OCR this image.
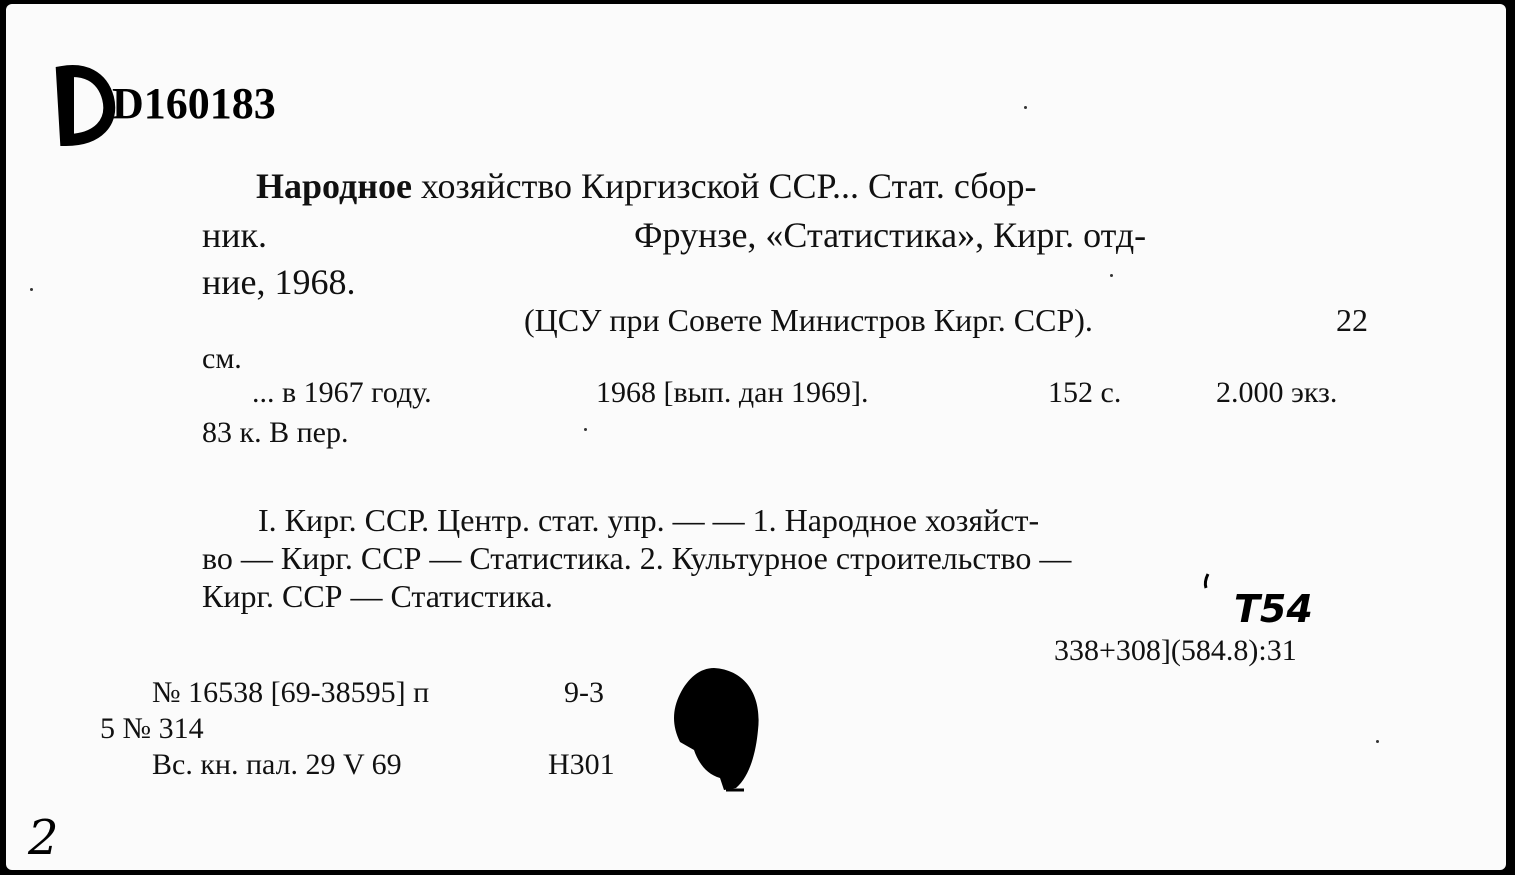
D160183
Народное хозяйство Киргизской ССР... Стат. сбор-
ник.	Фрунзе, «Статистика», Кирг. отд-
ние, 1968.
(ЦСУ при Совете Министров Кирг. ССР).	22
см.
... в 1967 году.	1968 [вып. дан 1969].	152 с.	2.000 экз.
83 к. В пер.
I. Кирг. ССР. Центр. стат. упр. — — 1. Народное хозяйст-
во — Кирг. ССР — Статистика. 2. Культурное строительство —
Кирг. ССР — Статистика.	T54
338+308](584.8):31
№ 16538 [69-38595] п	9-3
5 № 314
Вс. кн. пал. 29 V 69	Н301
2
